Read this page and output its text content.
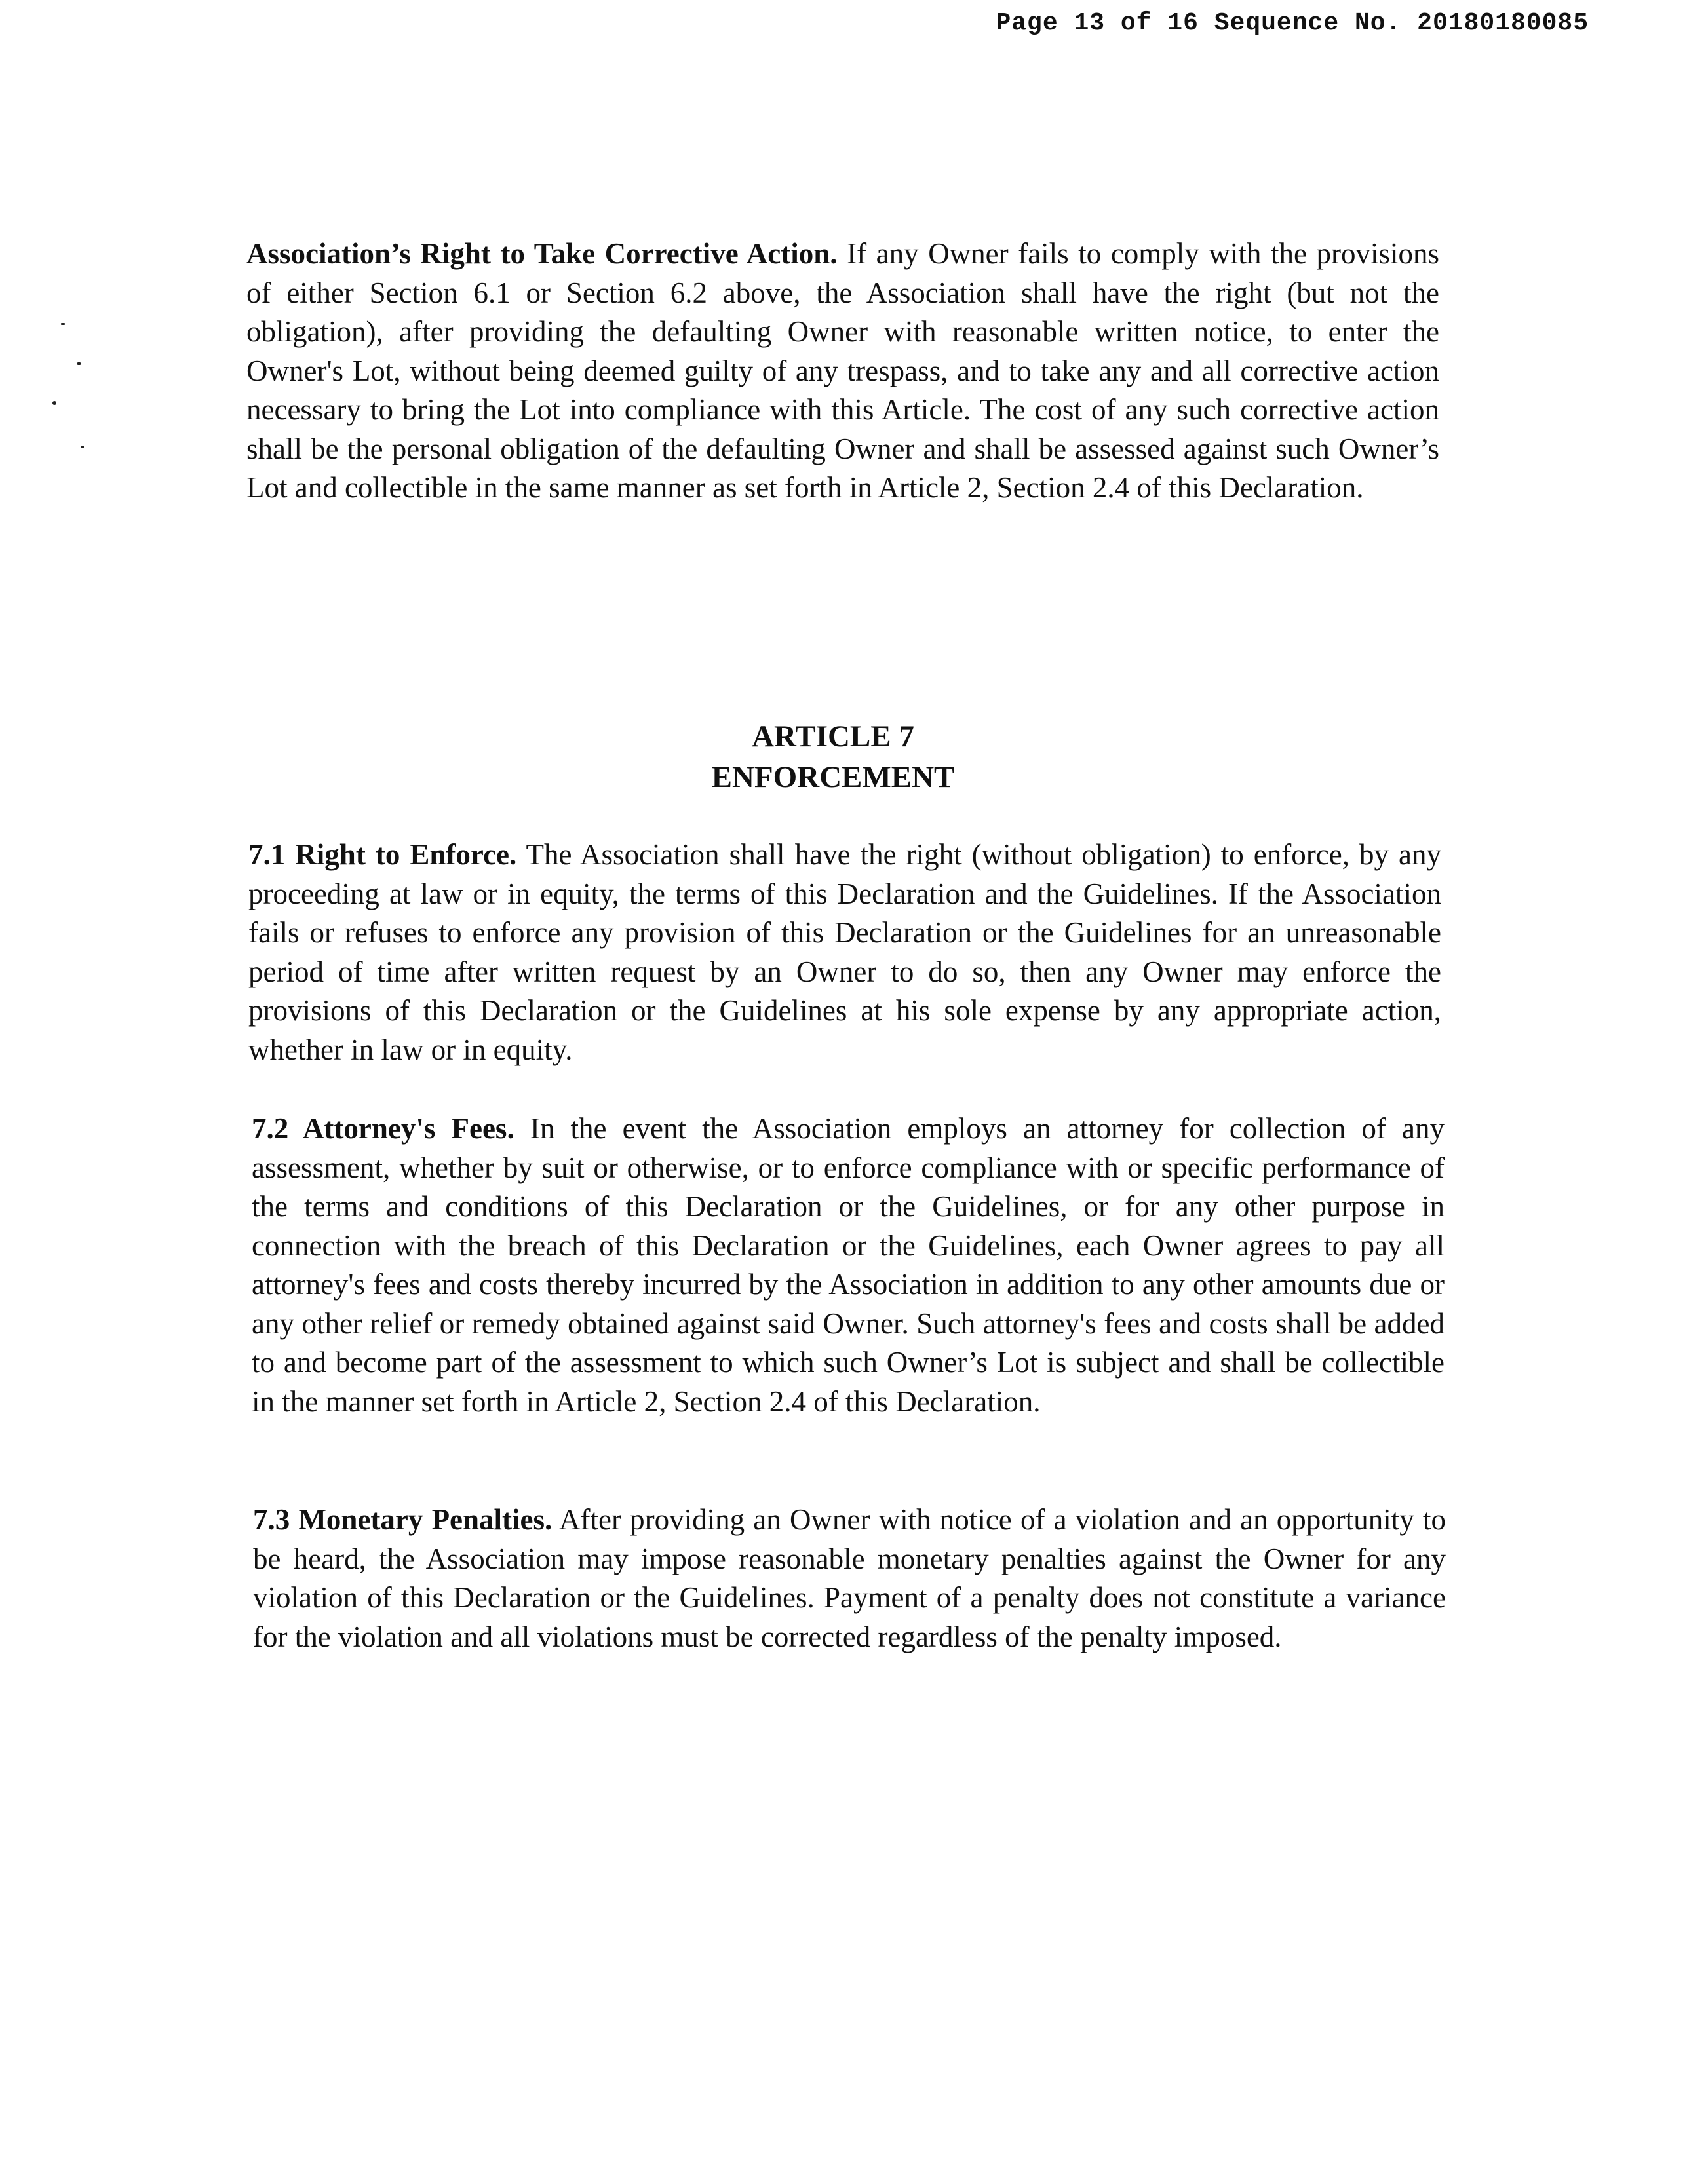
Page 13 of 16 Sequence No. 20180180085

Association’s Right to Take Corrective Action. If any Owner fails to comply with the provisions of either Section 6.1 or Section 6.2 above, the Association shall have the right (but not the obligation), after providing the defaulting Owner with reasonable written notice, to enter the Owner's Lot, without being deemed guilty of any trespass, and to take any and all corrective action necessary to bring the Lot into compliance with this Article. The cost of any such corrective action shall be the personal obligation of the defaulting Owner and shall be assessed against such Owner’s Lot and collectible in the same manner as set forth in Article 2, Section 2.4 of this Declaration.

ARTICLE 7
ENFORCEMENT

7.1 Right to Enforce. The Association shall have the right (without obligation) to enforce, by any proceeding at law or in equity, the terms of this Declaration and the Guidelines. If the Association fails or refuses to enforce any provision of this Declaration or the Guidelines for an unreasonable period of time after written request by an Owner to do so, then any Owner may enforce the provisions of this Declaration or the Guidelines at his sole expense by any appropriate action, whether in law or in equity.

7.2 Attorney's Fees. In the event the Association employs an attorney for collection of any assessment, whether by suit or otherwise, or to enforce compliance with or specific performance of the terms and conditions of this Declaration or the Guidelines, or for any other purpose in connection with the breach of this Declaration or the Guidelines, each Owner agrees to pay all attorney's fees and costs thereby incurred by the Association in addition to any other amounts due or any other relief or remedy obtained against said Owner. Such attorney's fees and costs shall be added to and become part of the assessment to which such Owner’s Lot is subject and shall be collectible in the manner set forth in Article 2, Section 2.4 of this Declaration.

7.3 Monetary Penalties. After providing an Owner with notice of a violation and an opportunity to be heard, the Association may impose reasonable monetary penalties against the Owner for any violation of this Declaration or the Guidelines. Payment of a penalty does not constitute a variance for the violation and all violations must be corrected regardless of the penalty imposed.
